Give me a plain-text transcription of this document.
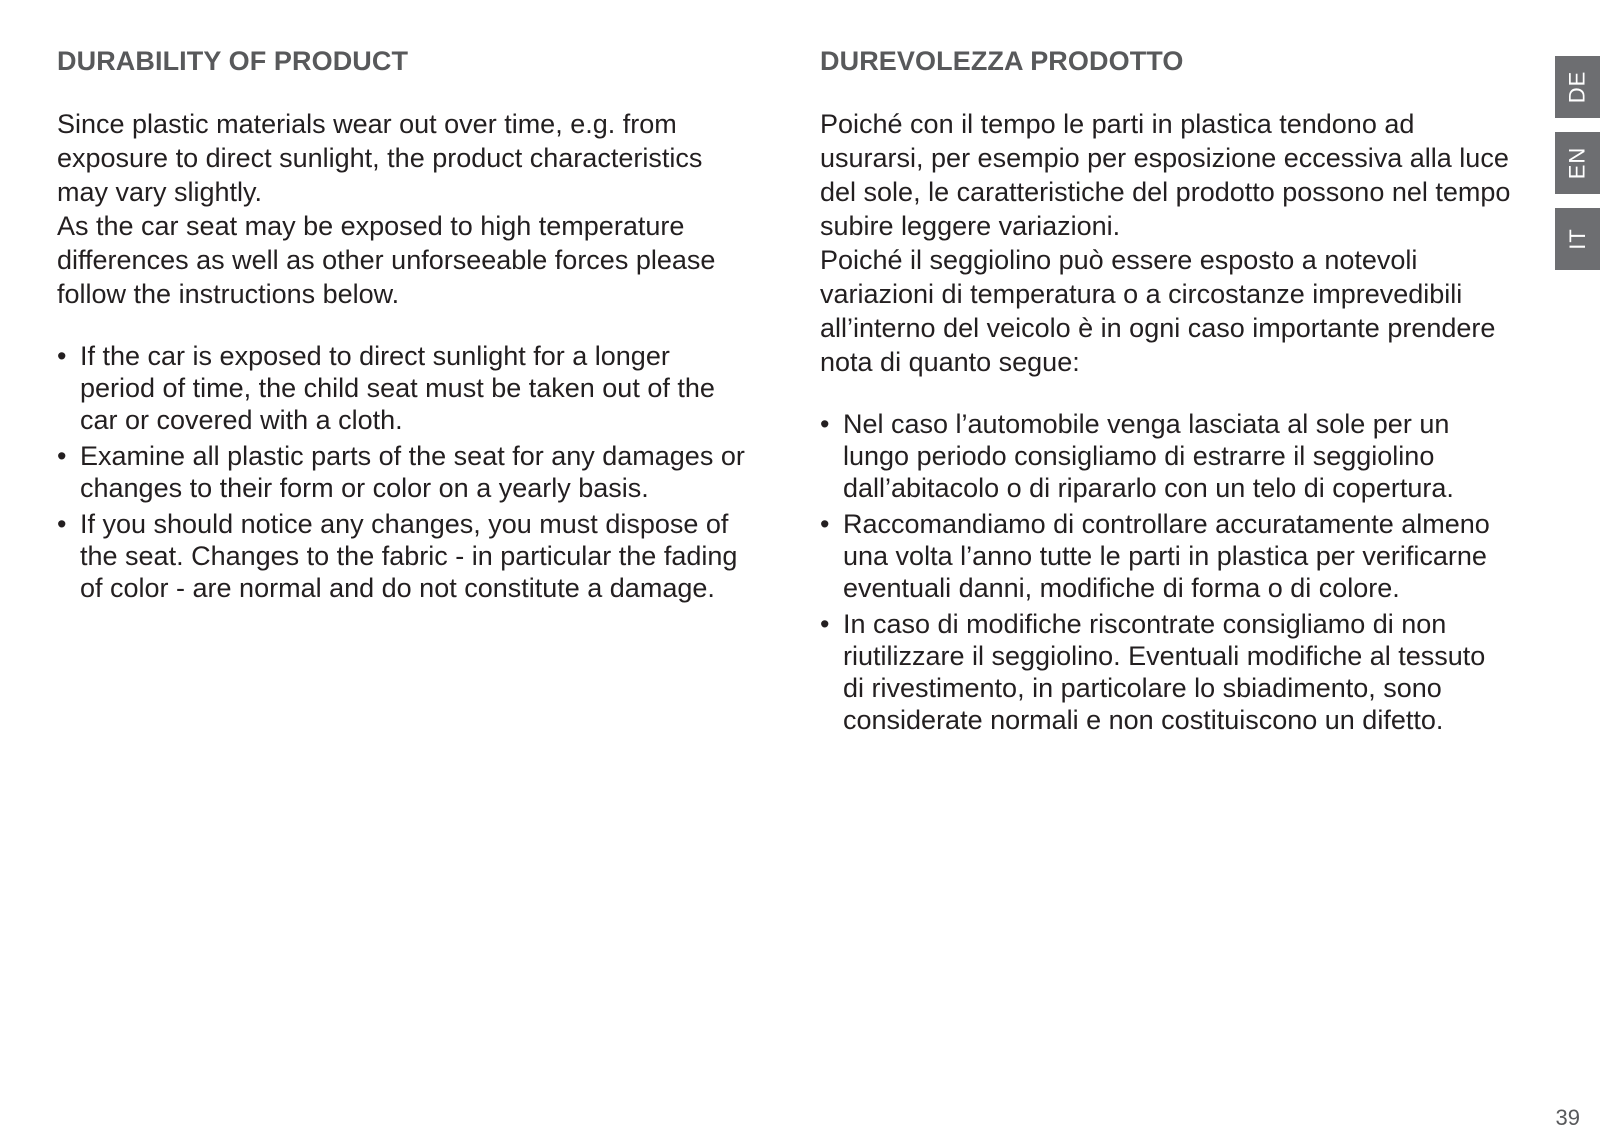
DURABILITY OF PRODUCT

Since plastic materials wear out over time, e.g. from

exposure to direct sunlight, the product characteristics

may vary slightly.

As the car seat may be exposed to high temperature

differences as well as other unforseeable forces please

follow the instructions below.

• If the car is exposed to direct sunlight for a longer
period of time, the child seat must be taken out of the
car or covered with a cloth.
• Examine all plastic parts of the seat for any damages or
changes to their form or color on a yearly basis.
• If you should notice any changes, you must dispose of
the seat. Changes to the fabric - in particular the fading
of color - are normal and do not constitute a damage.
DUREVOLEZZA PRODOTTO

Poiché con il tempo le parti in plastica tendono ad

usurarsi, per esempio per esposizione eccessiva alla luce

del sole, le caratteristiche del prodotto possono nel tempo

subire leggere variazioni.

Poiché il seggiolino può essere esposto a notevoli

variazioni di temperatura o a circostanze imprevedibili

all’interno del veicolo è in ogni caso importante prendere

nota di quanto segue:

• Nel caso l’automobile venga lasciata al sole per un
lungo periodo consigliamo di estrarre il seggiolino
dall’abitacolo o di ripararlo con un telo di copertura.
• Raccomandiamo di controllare accuratamente almeno
una volta l’anno tutte le parti in plastica per verificarne
eventuali danni, modifiche di forma o di colore.
• In caso di modifiche riscontrate consigliamo di non
riutilizzare il seggiolino. Eventuali modifiche al tessuto
di rivestimento, in particolare lo sbiadimento, sono
considerate normali e non costituiscono un difetto.
DE
EN
IT
39
